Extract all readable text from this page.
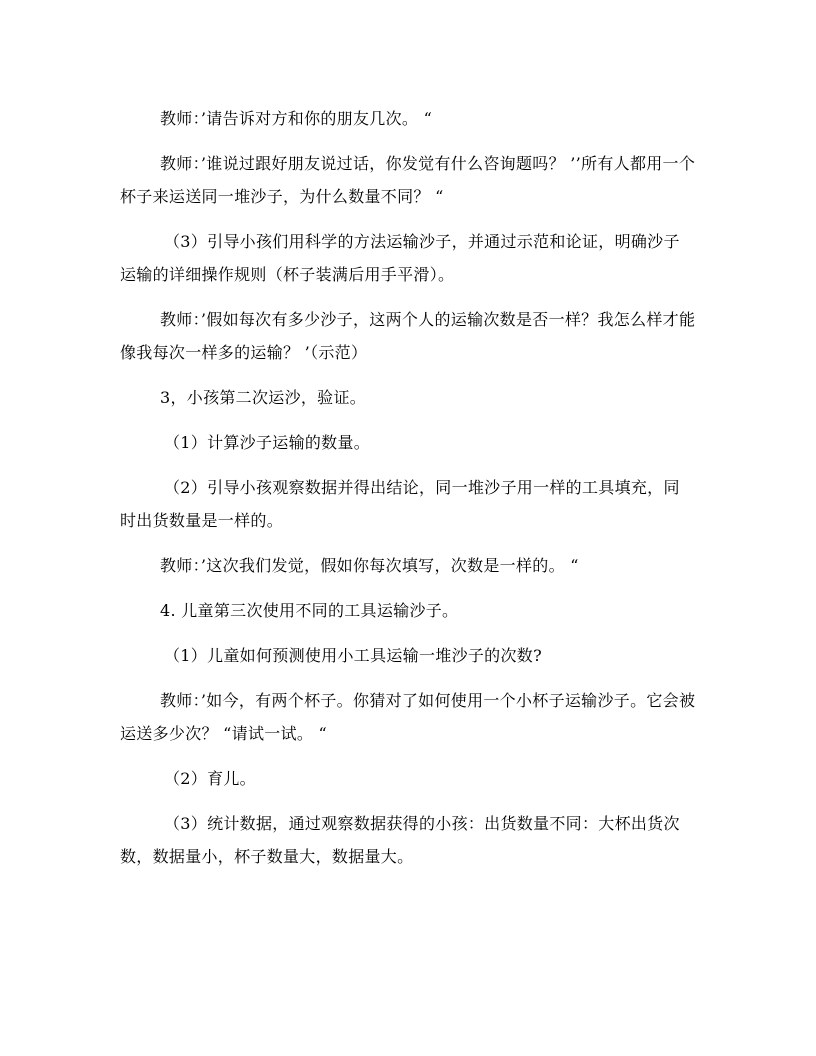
教师：’请告诉对方和你的朋友几次。 “

教师：’谁说过跟好朋友说过话，你发觉有什么咨询题吗？ ’’所有人都用一个杯子来运送同一堆沙子，为什么数量不同？ “

（3）引导小孩们用科学的方法运输沙子，并通过示范和论证，明确沙子运输的详细操作规则（杯子装满后用手平滑）。

教师：’假如每次有多少沙子，这两个人的运输次数是否一样？我怎么样才能像我每次一样多的运输？ ’（示范）

3，小孩第二次运沙，验证。

（1）计算沙子运输的数量。

（2）引导小孩观察数据并得出结论，同一堆沙子用一样的工具填充，同时出货数量是一样的。

教师：’这次我们发觉，假如你每次填写，次数是一样的。 “

4. 儿童第三次使用不同的工具运输沙子。

（1）儿童如何预测使用小工具运输一堆沙子的次数?

教师：’如今，有两个杯子。你猜对了如何使用一个小杯子运输沙子。它会被运送多少次？ “请试一试。 “

（2）育儿。

（3）统计数据，通过观察数据获得的小孩：出货数量不同：大杯出货次数，数据量小，杯子数量大，数据量大。
